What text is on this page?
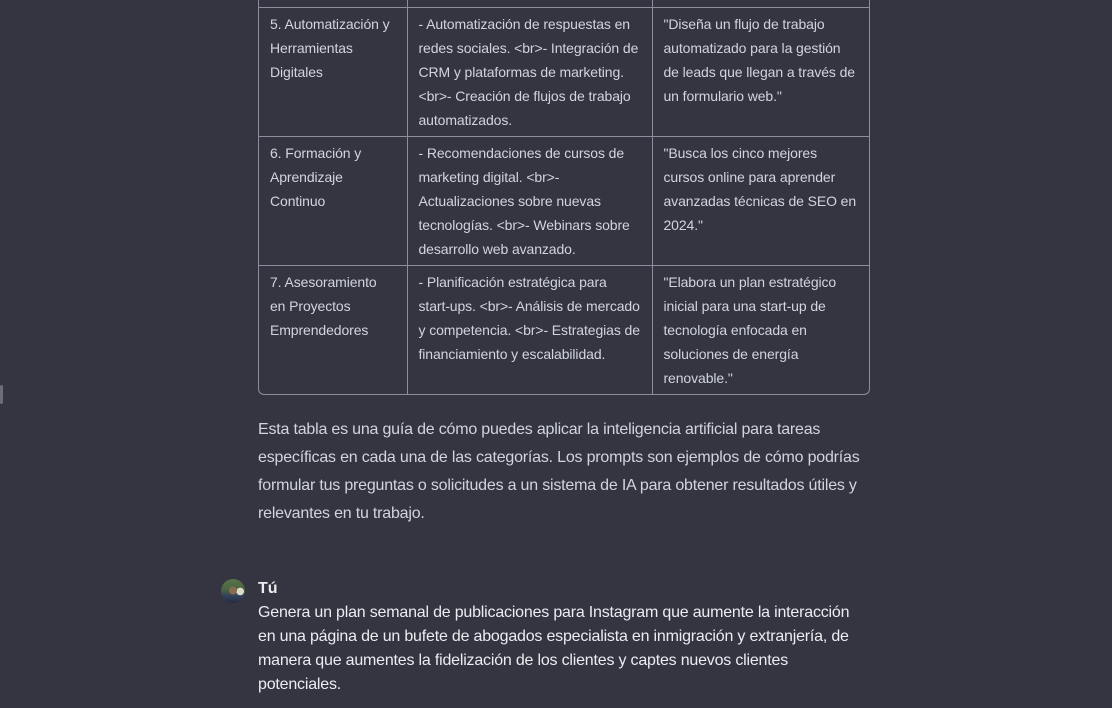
5. Automatización y Herramientas Digitales	- Automatización de respuestas en redes sociales. <br>- Integración de CRM y plataformas de marketing. <br>- Creación de flujos de trabajo automatizados.	"Diseña un flujo de trabajo automatizado para la gestión de leads que llegan a través de un formulario web."
6. Formación y Aprendizaje Continuo	- Recomendaciones de cursos de marketing digital. <br>- Actualizaciones sobre nuevas tecnologías. <br>- Webinars sobre desarrollo web avanzado.	"Busca los cinco mejores cursos online para aprender avanzadas técnicas de SEO en 2024."
7. Asesoramiento en Proyectos Emprendedores	- Planificación estratégica para start-ups. <br>- Análisis de mercado y competencia. <br>- Estrategias de financiamiento y escalabilidad.	"Elabora un plan estratégico inicial para una start-up de tecnología enfocada en soluciones de energía renovable."

Esta tabla es una guía de cómo puedes aplicar la inteligencia artificial para tareas específicas en cada una de las categorías. Los prompts son ejemplos de cómo podrías formular tus preguntas o solicitudes a un sistema de IA para obtener resultados útiles y relevantes en tu trabajo.

Tú
Genera un plan semanal de publicaciones para Instagram que aumente la interacción en una página de un bufete de abogados especialista en inmigración y extranjería, de manera que aumentes la fidelización de los clientes y captes nuevos clientes potenciales.
